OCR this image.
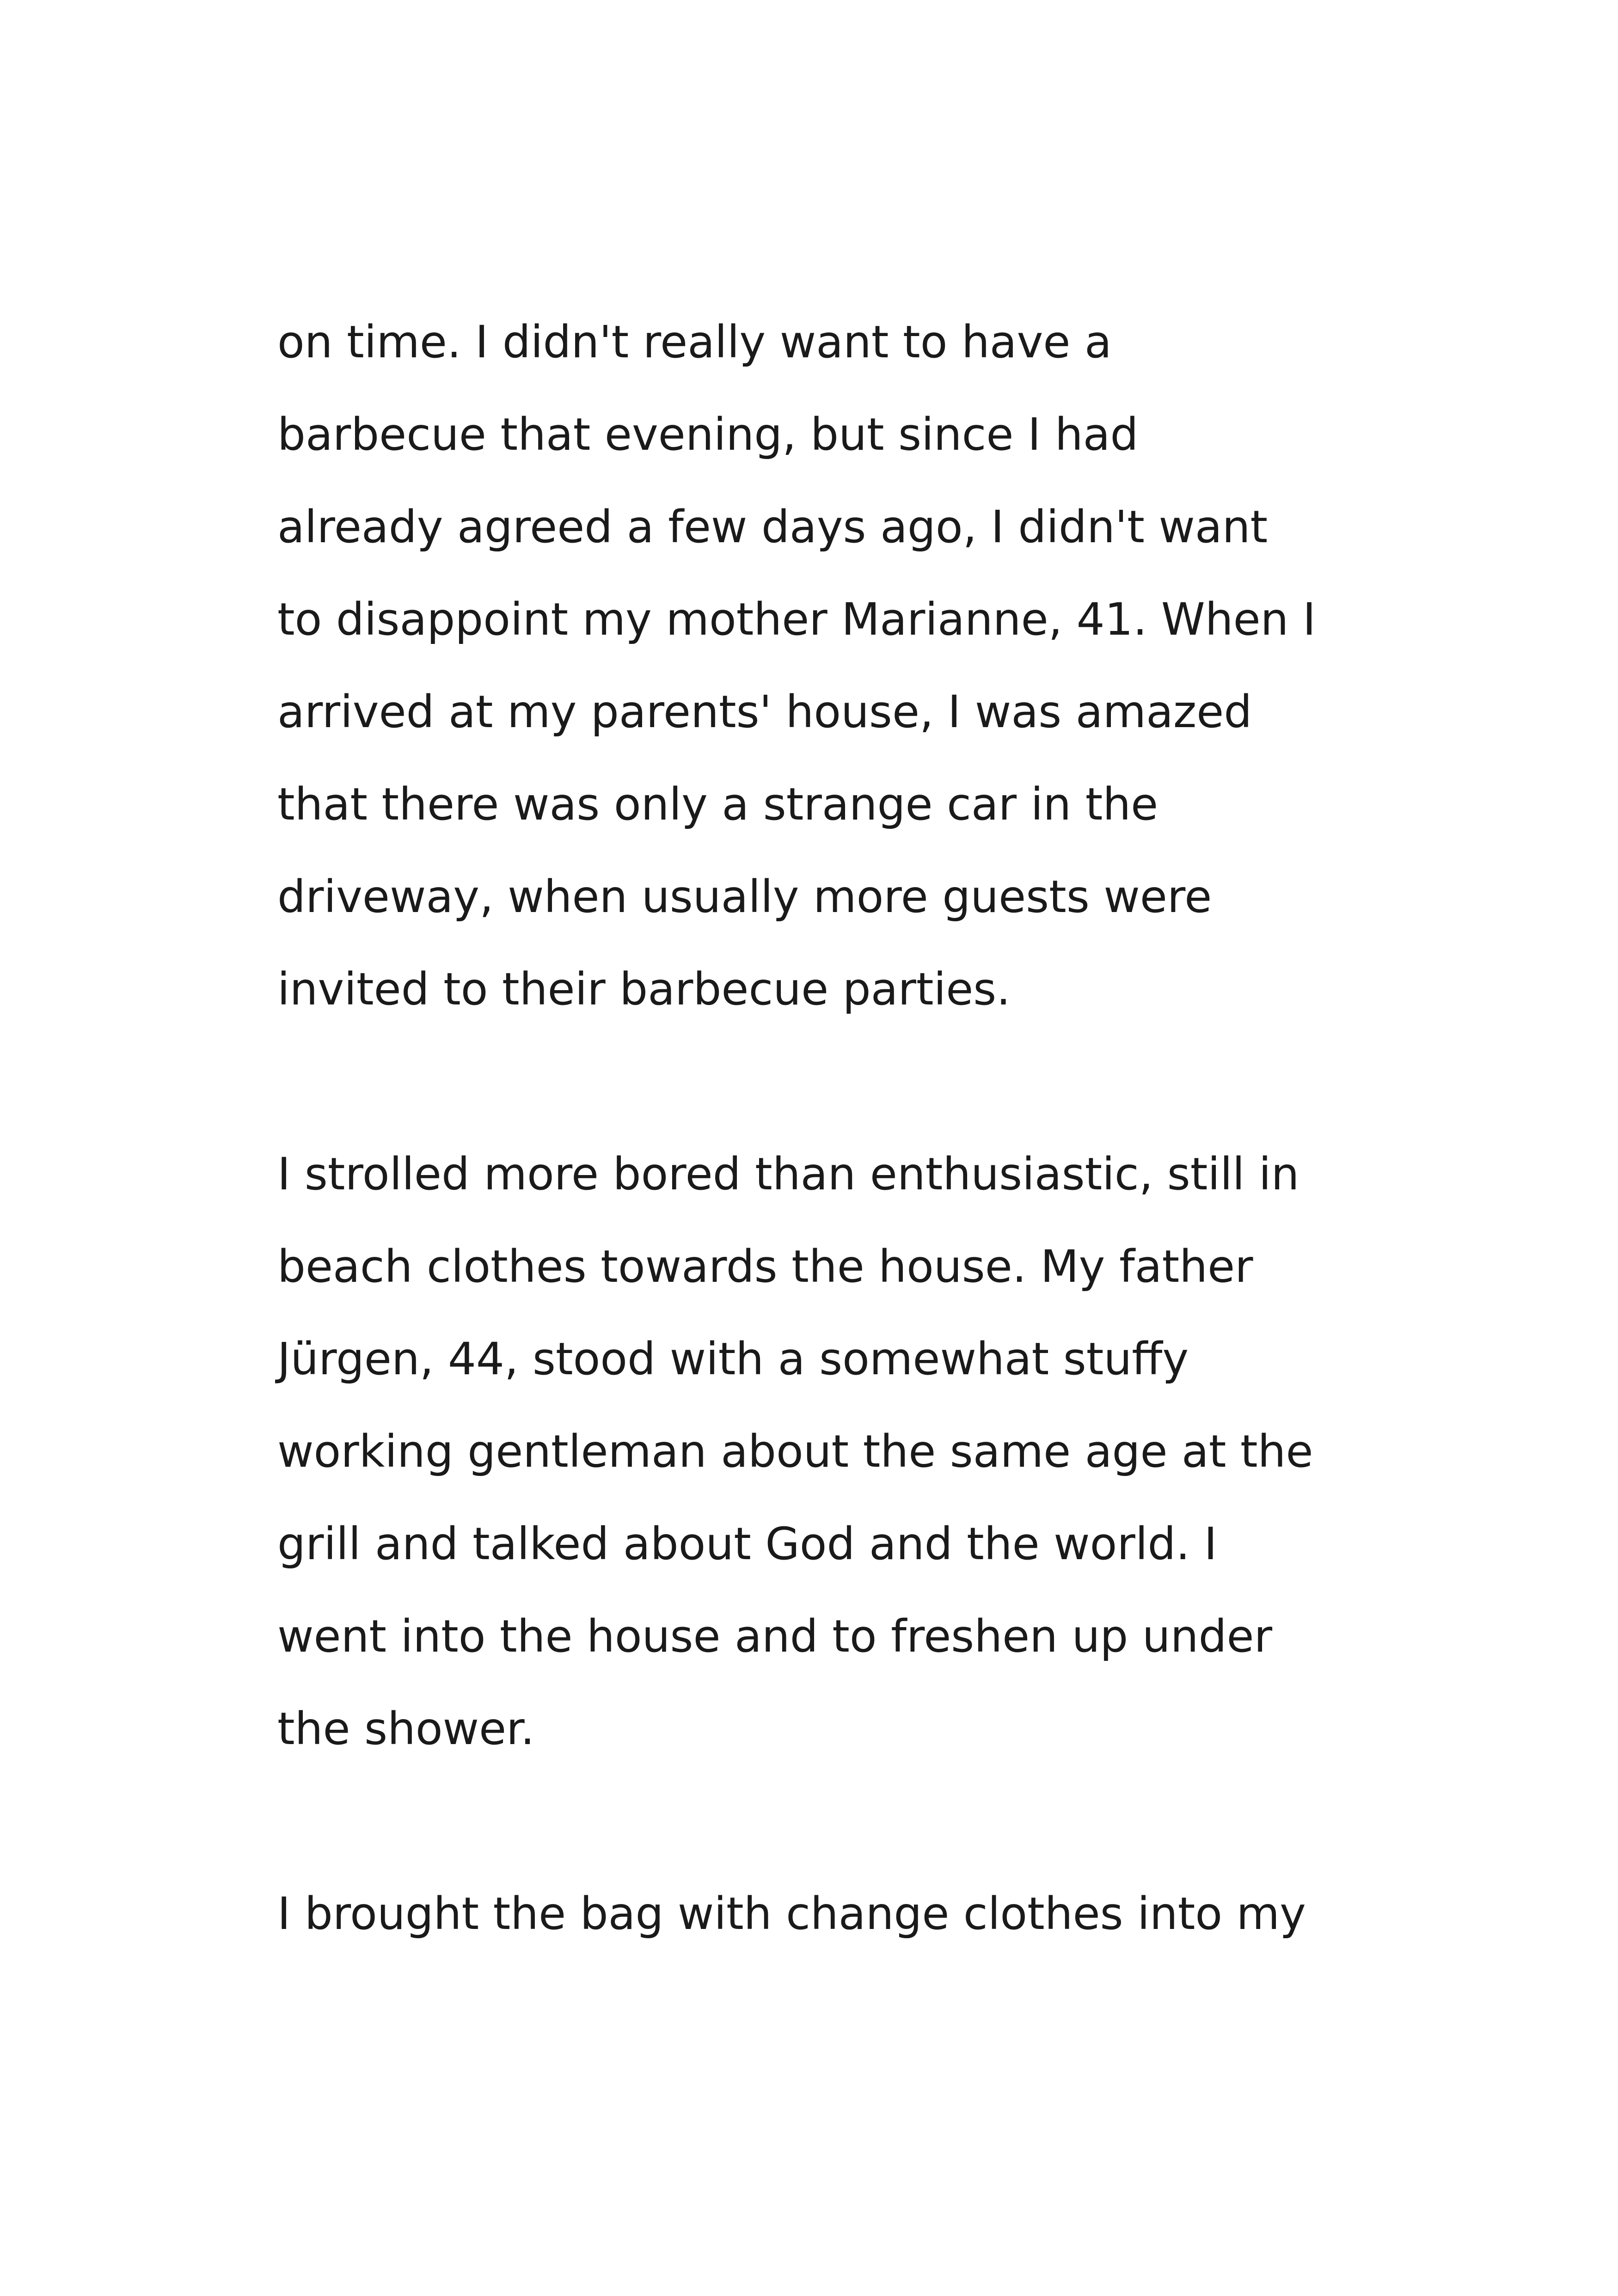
on time. I didn't really want to have a
barbecue that evening, but since I had
already agreed a few days ago, I didn't want
to disappoint my mother Marianne, 41. When I
arrived at my parents' house, I was amazed
that there was only a strange car in the
driveway, when usually more guests were
invited to their barbecue parties.
I strolled more bored than enthusiastic, still in
beach clothes towards the house. My father
Jürgen, 44, stood with a somewhat stuffy
working gentleman about the same age at the
grill and talked about God and the world. I
went into the house and to freshen up under
the shower.
I brought the bag with change clothes into my
